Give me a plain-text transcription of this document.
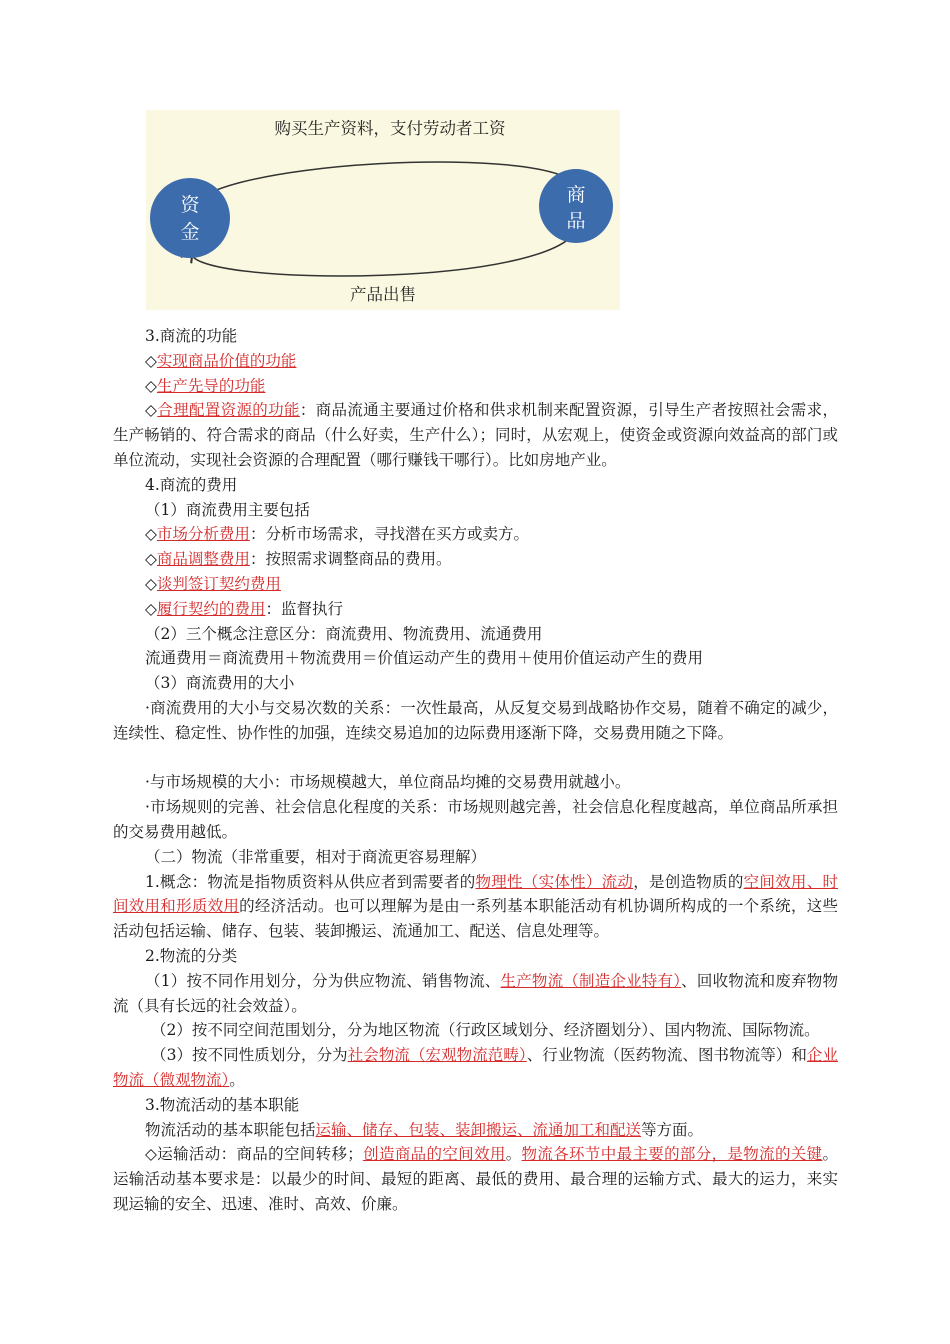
购买生产资料，支付劳动者工资
产品出售
资
金
商
品

3.商流的功能

◇实现商品价值的功能

◇生产先导的功能

◇合理配置资源的功能：商品流通主要通过价格和供求机制来配置资源，引导生产者按照社会需求，生产畅销的、符合需求的商品（什么好卖，生产什么）；同时，从宏观上，使资金或资源向效益高的部门或单位流动，实现社会资源的合理配置（哪行赚钱干哪行）。比如房地产业。

4.商流的费用

（1）商流费用主要包括

◇市场分析费用：分析市场需求，寻找潜在买方或卖方。

◇商品调整费用：按照需求调整商品的费用。

◇谈判签订契约费用

◇履行契约的费用：监督执行

（2）三个概念注意区分：商流费用、物流费用、流通费用

流通费用＝商流费用＋物流费用＝价值运动产生的费用＋使用价值运动产生的费用

（3）商流费用的大小

·商流费用的大小与交易次数的关系：一次性最高，从反复交易到战略协作交易，随着不确定的减少，连续性、稳定性、协作性的加强，连续交易追加的边际费用逐渐下降，交易费用随之下降。

·与市场规模的大小：市场规模越大，单位商品均摊的交易费用就越小。

·市场规则的完善、社会信息化程度的关系：市场规则越完善，社会信息化程度越高，单位商品所承担的交易费用越低。

（二）物流（非常重要，相对于商流更容易理解）

1.概念：物流是指物质资料从供应者到需要者的物理性（实体性）流动，是创造物质的空间效用、时间效用和形质效用的经济活动。也可以理解为是由一系列基本职能活动有机协调所构成的一个系统，这些活动包括运输、储存、包装、装卸搬运、流通加工、配送、信息处理等。

2.物流的分类

（1）按不同作用划分，分为供应物流、销售物流、生产物流（制造企业特有）、回收物流和废弃物物流（具有长远的社会效益）。

（2）按不同空间范围划分，分为地区物流（行政区域划分、经济圈划分）、国内物流、国际物流。

（3）按不同性质划分，分为社会物流（宏观物流范畴）、行业物流（医药物流、图书物流等）和企业物流（微观物流）。

3.物流活动的基本职能

物流活动的基本职能包括运输、储存、包装、装卸搬运、流通加工和配送等方面。

◇运输活动：商品的空间转移；创造商品的空间效用。物流各环节中最主要的部分，是物流的关键。运输活动基本要求是：以最少的时间、最短的距离、最低的费用、最合理的运输方式、最大的运力，来实现运输的安全、迅速、准时、高效、价廉。
